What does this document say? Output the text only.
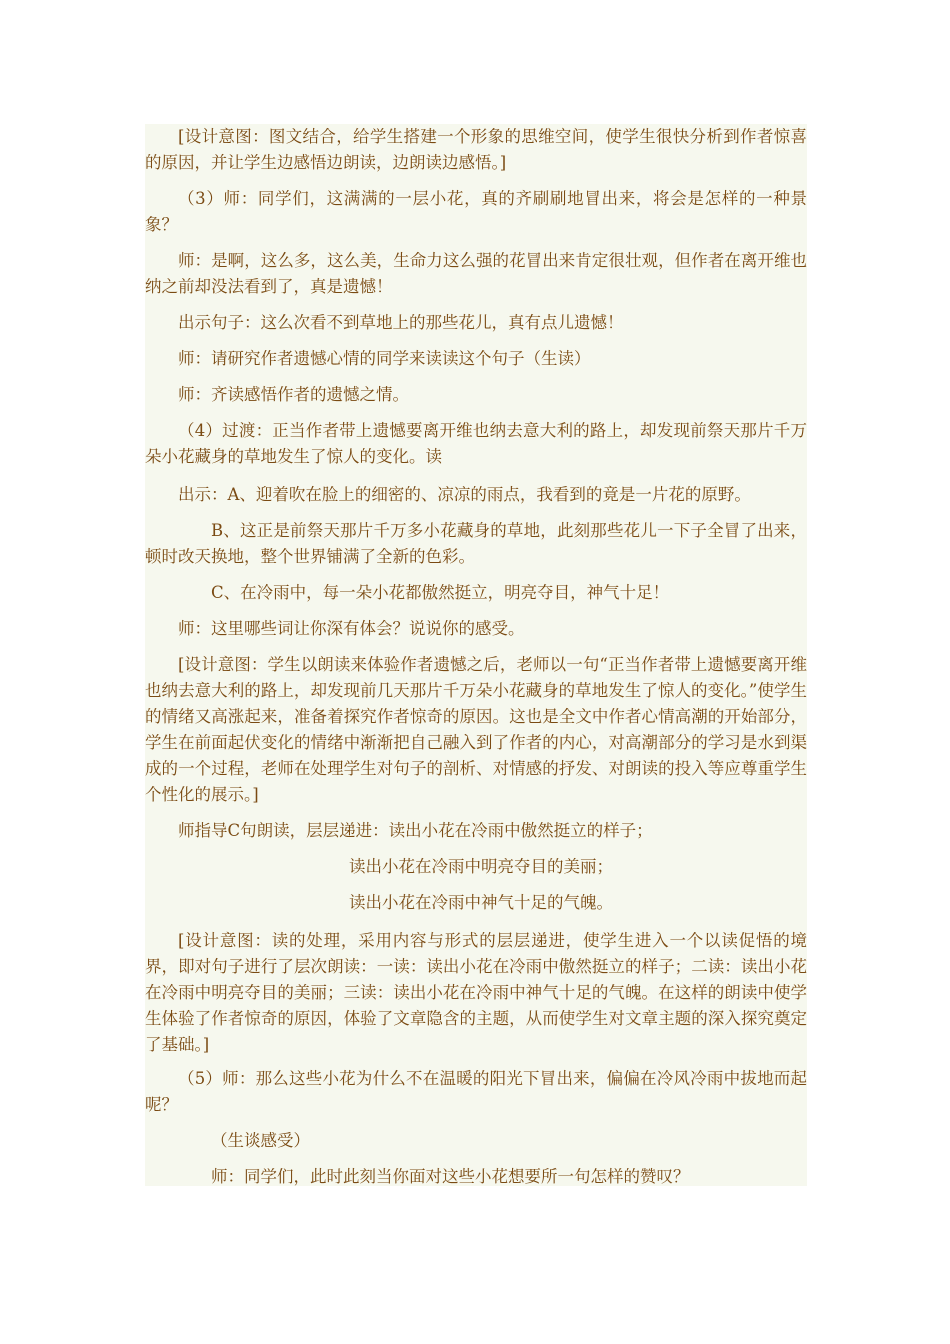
[设计意图：图文结合，给学生搭建一个形象的思维空间，使学生很快分析到作者惊喜的原因，并让学生边感悟边朗读，边朗读边感悟。]

（3）师：同学们，这满满的一层小花，真的齐刷刷地冒出来，将会是怎样的一种景象？

师：是啊，这么多，这么美，生命力这么强的花冒出来肯定很壮观，但作者在离开维也纳之前却没法看到了，真是遗憾！

出示句子：这么次看不到草地上的那些花儿，真有点儿遗憾！

师：请研究作者遗憾心情的同学来读读这个句子（生读）

师：齐读感悟作者的遗憾之情。

（4）过渡：正当作者带上遗憾要离开维也纳去意大利的路上，却发现前祭天那片千万朵小花藏身的草地发生了惊人的变化。读

出示：A、迎着吹在脸上的细密的、凉凉的雨点，我看到的竟是一片花的原野。

B、这正是前祭天那片千万多小花藏身的草地，此刻那些花儿一下子全冒了出来，顿时改天换地，整个世界铺满了全新的色彩。

C、在冷雨中，每一朵小花都傲然挺立，明亮夺目，神气十足！

师：这里哪些词让你深有体会？说说你的感受。

[设计意图：学生以朗读来体验作者遗憾之后，老师以一句“正当作者带上遗憾要离开维也纳去意大利的路上，却发现前几天那片千万朵小花藏身的草地发生了惊人的变化。”使学生的情绪又高涨起来，准备着探究作者惊奇的原因。这也是全文中作者心情高潮的开始部分，学生在前面起伏变化的情绪中渐渐把自己融入到了作者的内心，对高潮部分的学习是水到渠成的一个过程，老师在处理学生对句子的剖析、对情感的抒发、对朗读的投入等应尊重学生个性化的展示。]

师指导C句朗读，层层递进：读出小花在冷雨中傲然挺立的样子；

读出小花在冷雨中明亮夺目的美丽；

读出小花在冷雨中神气十足的气魄。

[设计意图：读的处理，采用内容与形式的层层递进，使学生进入一个以读促悟的境界，即对句子进行了层次朗读：一读：读出小花在冷雨中傲然挺立的样子；二读：读出小花在冷雨中明亮夺目的美丽；三读：读出小花在冷雨中神气十足的气魄。在这样的朗读中使学生体验了作者惊奇的原因，体验了文章隐含的主题，从而使学生对文章主题的深入探究奠定了基础。]

（5）师：那么这些小花为什么不在温暖的阳光下冒出来，偏偏在冷风冷雨中拔地而起呢？

（生谈感受）

师：同学们，此时此刻当你面对这些小花想要所一句怎样的赞叹？
